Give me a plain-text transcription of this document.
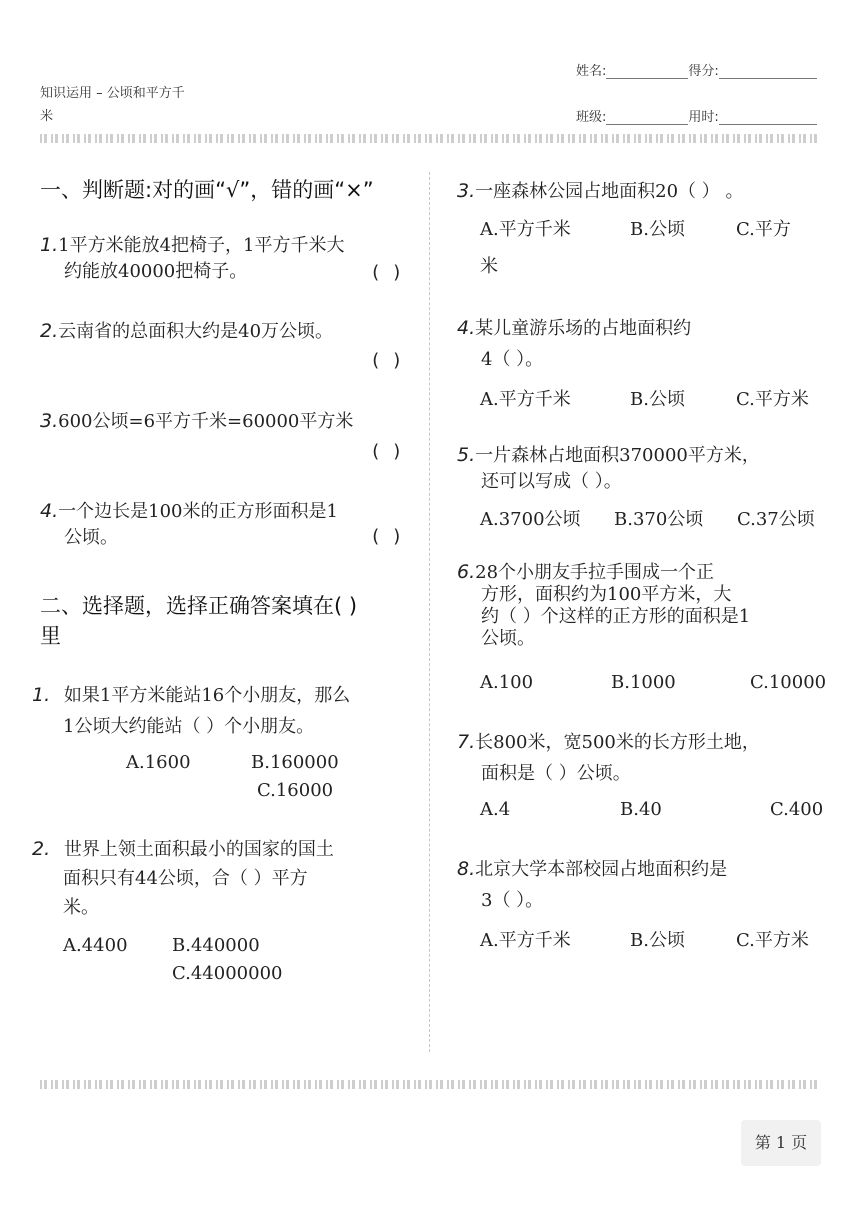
知识运用 – 公顷和平方千
米
姓名:	得分:
班级:	用时:
一、判断题:对的画“√”，错的画“×”
1.1平方米能放4把椅子，1平方千米大
约能放40000把椅子。	( )
2.云南省的总面积大约是40万公顷。
( )
3.600公顷=6平方千米=60000平方米
( )
4.一个边长是100米的正方形面积是1
公顷。	( )
二、选择题，选择正确答案填在( )
里
1. 如果1平方米能站16个小朋友，那么
1公顷大约能站（ ）个小朋友。
A.1600	B.160000
C.16000
2. 世界上领土面积最小的国家的国土
面积只有44公顷，合（ ）平方
米。
A.4400 B.440000
C.44000000
3.一座森林公园占地面积20（ ） 。
A.平方千米	B.公顷	C.平方
米
4.某儿童游乐场的占地面积约
4（ ）。
A.平方千米	B.公顷	C.平方米
5.一片森林占地面积370000平方米，
还可以写成（ ）。
A.3700公顷 B.370公顷 C.37公顷
6.28个小朋友手拉手围成一个正
方形，面积约为100平方米，大
约（ ）个这样的正方形的面积是1
公顷。
A.100	B.1000	C.10000
7.长800米，宽500米的长方形土地，
面积是（ ）公顷。
A.4	B.40	C.400
8.北京大学本部校园占地面积约是
3（ ）。
A.平方千米	B.公顷	C.平方米
第 1 页
